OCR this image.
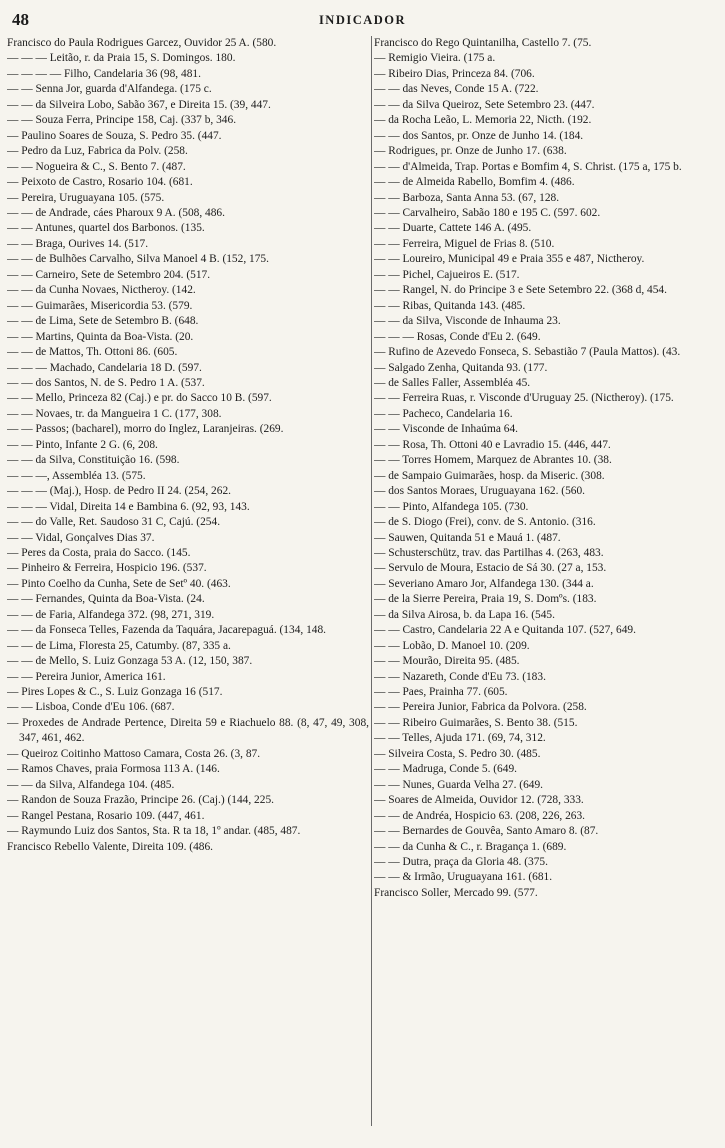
48	INDICADOR

Francisco do Paula Rodrigues Garcez, Ouvidor 25 A. (580.

— — — Leitão, r. da Praia 15, S. Domingos. 180.

— — — — Filho, Candelaria 36 (98, 481.

— — Senna Jor, guarda d'Alfandega. (175 c.

— — da Silveira Lobo, Sabão 367, e Direita 15. (39, 447.

— — Souza Ferra, Principe 158, Caj. (337 b, 346.

— Paulino Soares de Souza, S. Pedro 35. (447.

— Pedro da Luz, Fabrica da Polv. (258.

— — Nogueira & C., S. Bento 7. (487.

— Peixoto de Castro, Rosario 104. (681.

— Pereira, Uruguayana 105. (575.

— — de Andrade, cáes Pharoux 9 A. (508, 486.

— — Antunes, quartel dos Barbonos. (135.

— — Braga, Ourives 14. (517.

— — de Bulhões Carvalho, Silva Manoel 4 B. (152, 175.

— — Carneiro, Sete de Setembro 204. (517.

— — da Cunha Novaes, Nictheroy. (142.

— — Guimarães, Misericordia 53. (579.

— — de Lima, Sete de Setembro B. (648.

— — Martins, Quinta da Boa-Vista. (20.

— — de Mattos, Th. Ottoni 86. (605.

— — — Machado, Candelaria 18 D. (597.

— — dos Santos, N. de S. Pedro 1 A. (537.

— — Mello, Princeza 82 (Caj.) e pr. do Sacco 10 B. (597.

— — Novaes, tr. da Mangueira 1 C. (177, 308.

— — Passos; (bacharel), morro do Inglez, Laranjeiras. (269.

— — Pinto, Infante 2 G. (6, 208.

— — da Silva, Constituição 16. (598.

— — —, Assembléa 13. (575.

— — — (Maj.), Hosp. de Pedro II 24. (254, 262.

— — — Vidal, Direita 14 e Bambina 6. (92, 93, 143.

— — do Valle, Ret. Saudoso 31 C, Cajú. (254.

— — Vidal, Gonçalves Dias 37.

— Peres da Costa, praia do Sacco. (145.

— Pinheiro & Ferreira, Hospicio 196. (537.

— Pinto Coelho da Cunha, Sete de Setº 40. (463.

— — Fernandes, Quinta da Boa-Vista. (24.

— — de Faria, Alfandega 372. (98, 271, 319.

— — da Fonseca Telles, Fazenda da Taquára, Jacarepaguá. (134, 148.

— — de Lima, Floresta 25, Catumby. (87, 335 a.

— — de Mello, S. Luiz Gonzaga 53 A. (12, 150, 387.

— — Pereira Junior, America 161.

— Pires Lopes & C., S. Luiz Gonzaga 16 (517.

— — Lisboa, Conde d'Eu 106. (687.

— Proxedes de Andrade Pertence, Direita 59 e Riachuelo 88. (8, 47, 49, 308, 347, 461, 462.

— Queiroz Coitinho Mattoso Camara, Costa 26. (3, 87.

— Ramos Chaves, praia Formosa 113 A. (146.

— — da Silva, Alfandega 104. (485.

— Randon de Souza Frazão, Principe 26. (Caj.) (144, 225.

— Rangel Pestana, Rosario 109. (447, 461.

— Raymundo Luiz dos Santos, Sta. R ta 18, 1º andar. (485, 487.

Francisco Rebello Valente, Direita 109. (486.

Francisco do Rego Quintanilha, Castello 7. (75.

— Remigio Vieira. (175 a.

— Ribeiro Dias, Princeza 84. (706.

— — das Neves, Conde 15 A. (722.

— — da Silva Queiroz, Sete Setembro 23. (447.

— da Rocha Leão, L. Memoria 22, Nicth. (192.

— — dos Santos, pr. Onze de Junho 14. (184.

— Rodrigues, pr. Onze de Junho 17. (638.

— — d'Almeida, Trap. Portas e Bomfim 4, S. Christ. (175 a, 175 b.

— — de Almeida Rabello, Bomfim 4. (486.

— — Barboza, Santa Anna 53. (67, 128.

— — Carvalheiro, Sabão 180 e 195 C. (597. 602.

— — Duarte, Cattete 146 A. (495.

— — Ferreira, Miguel de Frias 8. (510.

— — Loureiro, Municipal 49 e Praia 355 e 487, Nictheroy.

— — Pichel, Cajueiros E. (517.

— — Rangel, N. do Principe 3 e Sete Setembro 22. (368 d, 454.

— — Ribas, Quitanda 143. (485.

— — da Silva, Visconde de Inhauma 23.

— — — Rosas, Conde d'Eu 2. (649.

— Rufino de Azevedo Fonseca, S. Sebastião 7 (Paula Mattos). (43.

— Salgado Zenha, Quitanda 93. (177.

— de Salles Faller, Assembléa 45.

— — Ferreira Ruas, r. Visconde d'Uruguay 25. (Nictheroy). (175.

— — Pacheco, Candelaria 16.

— — Visconde de Inhaúma 64.

— — Rosa, Th. Ottoni 40 e Lavradio 15. (446, 447.

— — Torres Homem, Marquez de Abrantes 10. (38.

— de Sampaio Guimarães, hosp. da Miseric. (308.

— dos Santos Moraes, Uruguayana 162. (560.

— — Pinto, Alfandega 105. (730.

— de S. Diogo (Frei), conv. de S. Antonio. (316.

— Sauwen, Quitanda 51 e Mauá 1. (487.

— Schusterschütz, trav. das Partilhas 4. (263, 483.

— Servulo de Moura, Estacio de Sá 30. (27 a, 153.

— Severiano Amaro Jor, Alfandega 130. (344 a.

— de la Sierre Pereira, Praia 19, S. Domºs. (183.

— da Silva Airosa, b. da Lapa 16. (545.

— — Castro, Candelaria 22 A e Quitanda 107. (527, 649.

— — Lobão, D. Manoel 10. (209.

— — Mourão, Direita 95. (485.

— — Nazareth, Conde d'Eu 73. (183.

— — Paes, Prainha 77. (605.

— — Pereira Junior, Fabrica da Polvora. (258.

— — Ribeiro Guimarães, S. Bento 38. (515.

— — Telles, Ajuda 171. (69, 74, 312.

— Silveira Costa, S. Pedro 30. (485.

— — Madruga, Conde 5. (649.

— — Nunes, Guarda Velha 27. (649.

— Soares de Almeida, Ouvidor 12. (728, 333.

— — de Andréa, Hospicio 63. (208, 226, 263.

— — Bernardes de Gouvêa, Santo Amaro 8. (87.

— — da Cunha & C., r. Bragança 1. (689.

— — Dutra, praça da Gloria 48. (375.

— — & Irmão, Uruguayana 161. (681.

Francisco Soller, Mercado 99. (577.
